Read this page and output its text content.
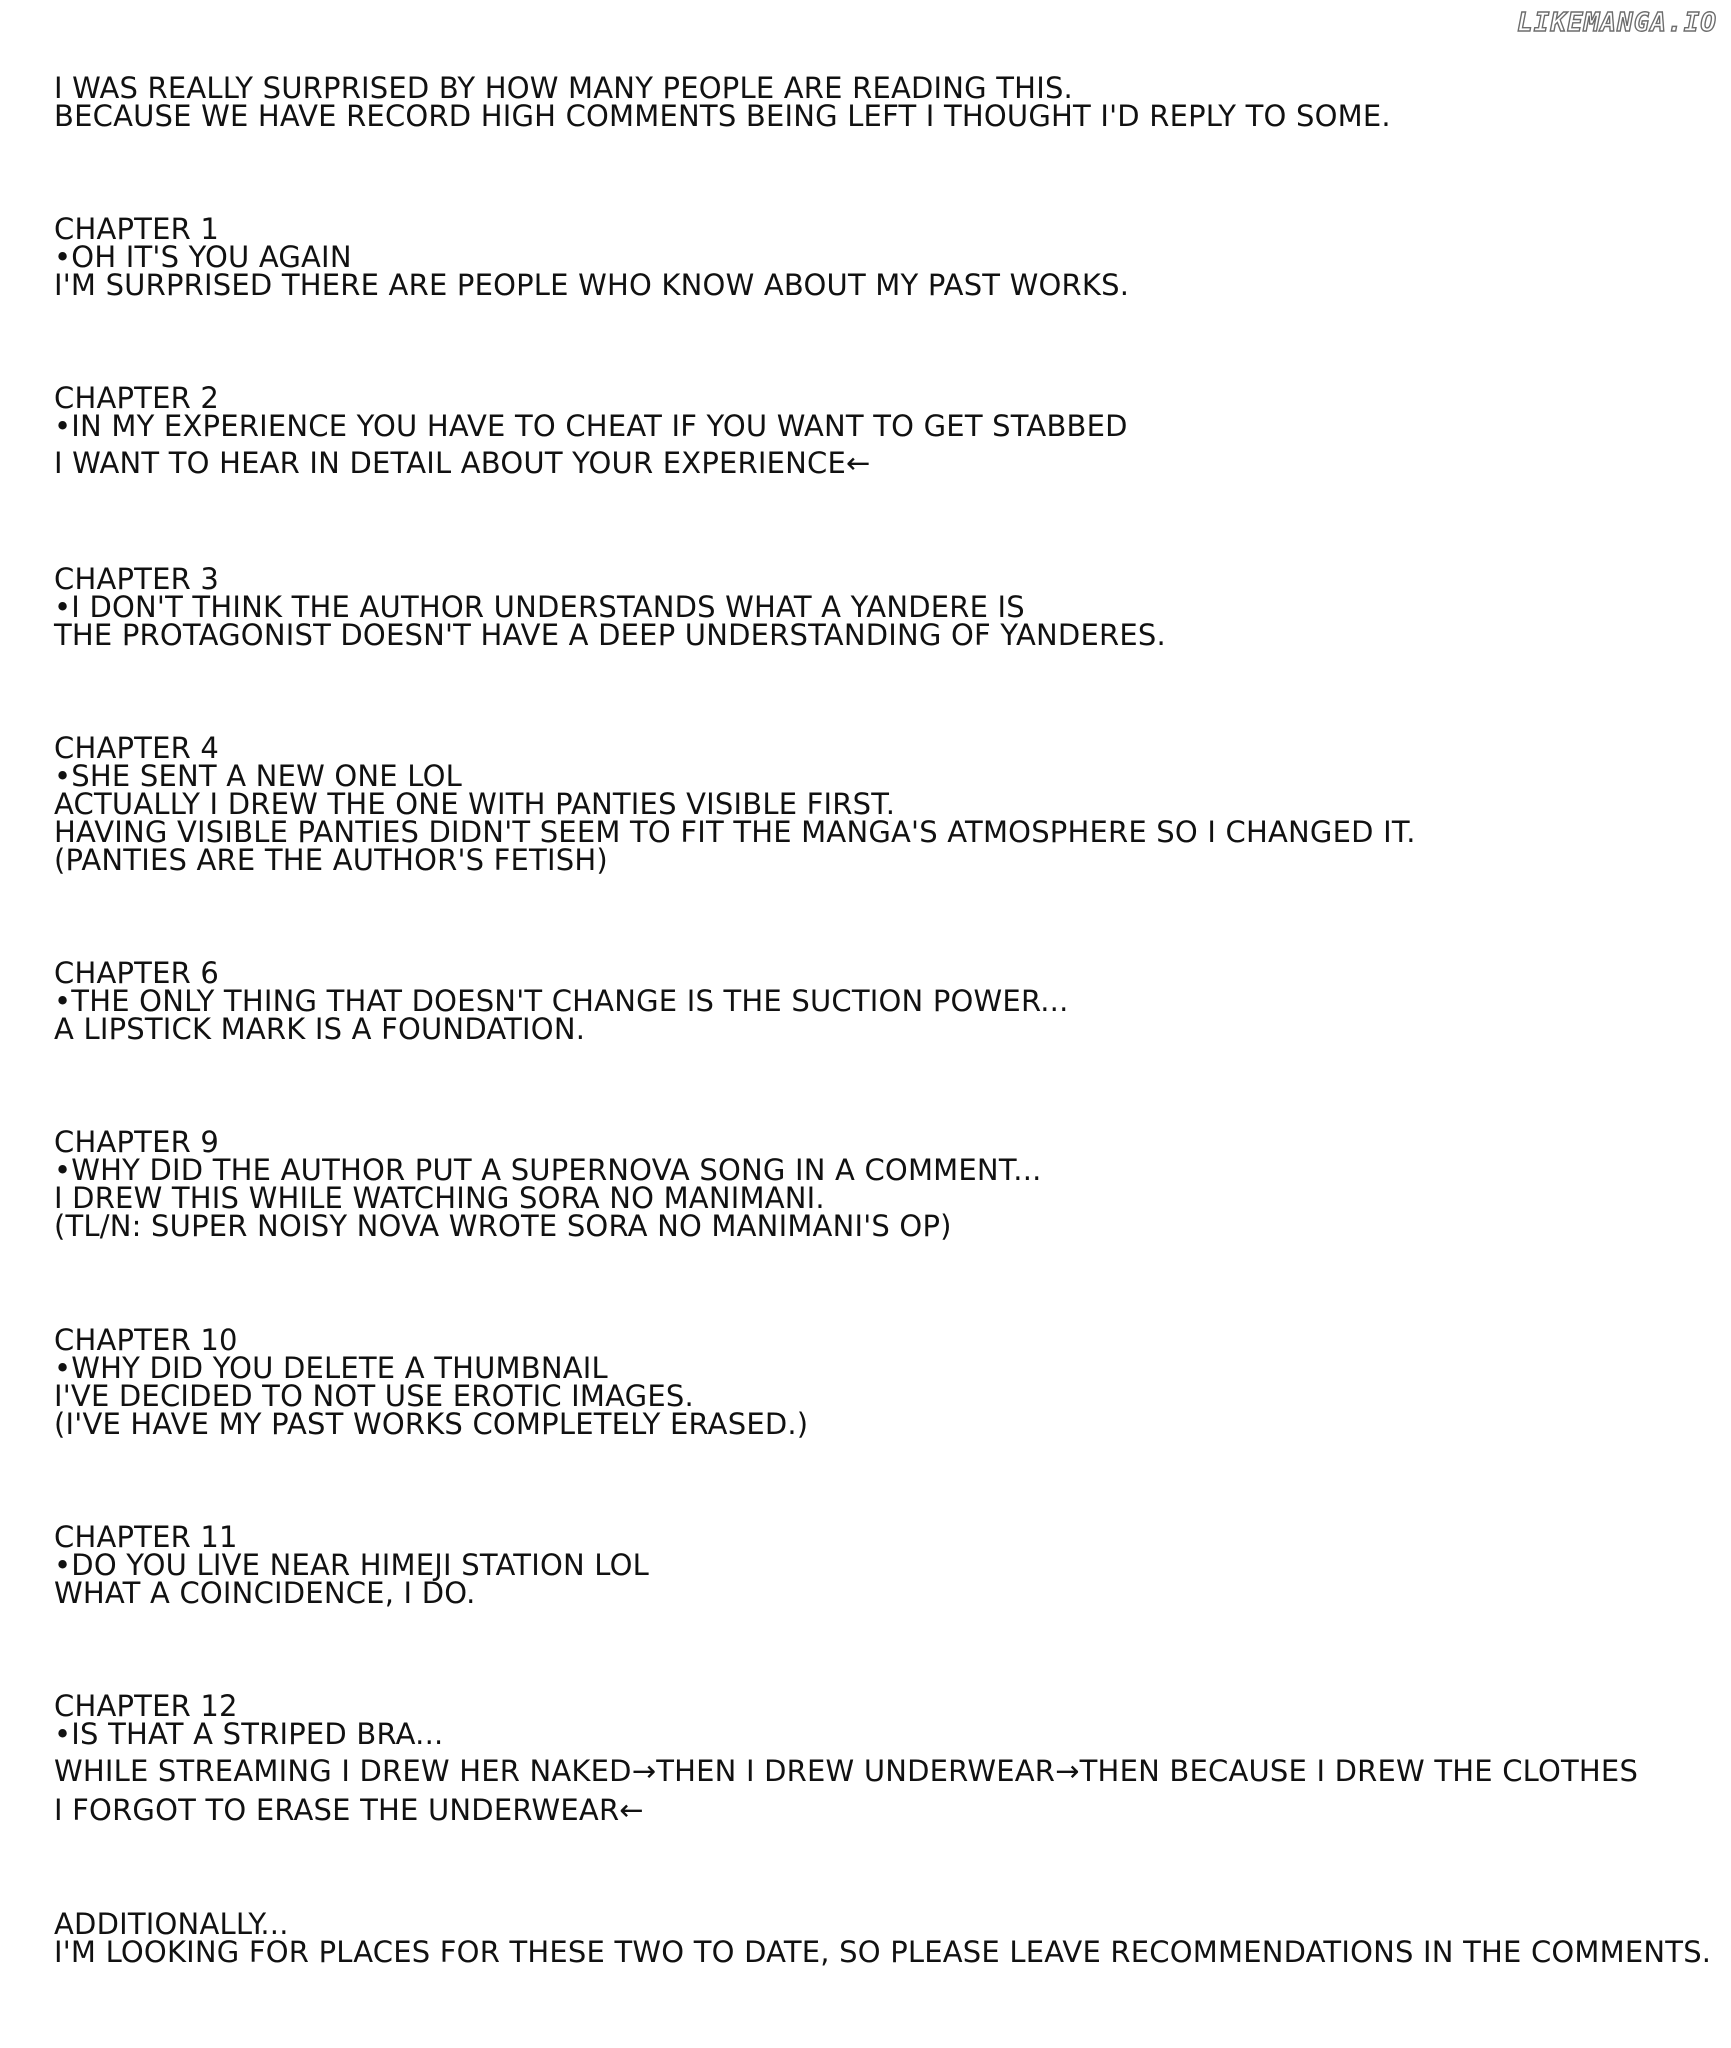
LIKEMANGA.IO
I WAS REALLY SURPRISED BY HOW MANY PEOPLE ARE READING THIS.
BECAUSE WE HAVE RECORD HIGH COMMENTS BEING LEFT I THOUGHT I'D REPLY TO SOME.
CHAPTER 1
•OH IT'S YOU AGAIN
I'M SURPRISED THERE ARE PEOPLE WHO KNOW ABOUT MY PAST WORKS.
CHAPTER 2
•IN MY EXPERIENCE YOU HAVE TO CHEAT IF YOU WANT TO GET STABBED
I WANT TO HEAR IN DETAIL ABOUT YOUR EXPERIENCE←
CHAPTER 3
•I DON'T THINK THE AUTHOR UNDERSTANDS WHAT A YANDERE IS
THE PROTAGONIST DOESN'T HAVE A DEEP UNDERSTANDING OF YANDERES.
CHAPTER 4
•SHE SENT A NEW ONE LOL
ACTUALLY I DREW THE ONE WITH PANTIES VISIBLE FIRST.
HAVING VISIBLE PANTIES DIDN'T SEEM TO FIT THE MANGA'S ATMOSPHERE SO I CHANGED IT.
(PANTIES ARE THE AUTHOR'S FETISH)
CHAPTER 6
•THE ONLY THING THAT DOESN'T CHANGE IS THE SUCTION POWER...
A LIPSTICK MARK IS A FOUNDATION.
CHAPTER 9
•WHY DID THE AUTHOR PUT A SUPERNOVA SONG IN A COMMENT...
I DREW THIS WHILE WATCHING SORA NO MANIMANI.
(TL/N: SUPER NOISY NOVA WROTE SORA NO MANIMANI'S OP)
CHAPTER 10
•WHY DID YOU DELETE A THUMBNAIL
I'VE DECIDED TO NOT USE EROTIC IMAGES.
(I'VE HAVE MY PAST WORKS COMPLETELY ERASED.)
CHAPTER 11
•DO YOU LIVE NEAR HIMEJI STATION LOL
WHAT A COINCIDENCE, I DO.
CHAPTER 12
•IS THAT A STRIPED BRA...
WHILE STREAMING I DREW HER NAKED→THEN I DREW UNDERWEAR→THEN BECAUSE I DREW THE CLOTHES
I FORGOT TO ERASE THE UNDERWEAR←
ADDITIONALLY...
I'M LOOKING FOR PLACES FOR THESE TWO TO DATE, SO PLEASE LEAVE RECOMMENDATIONS IN THE COMMENTS.
